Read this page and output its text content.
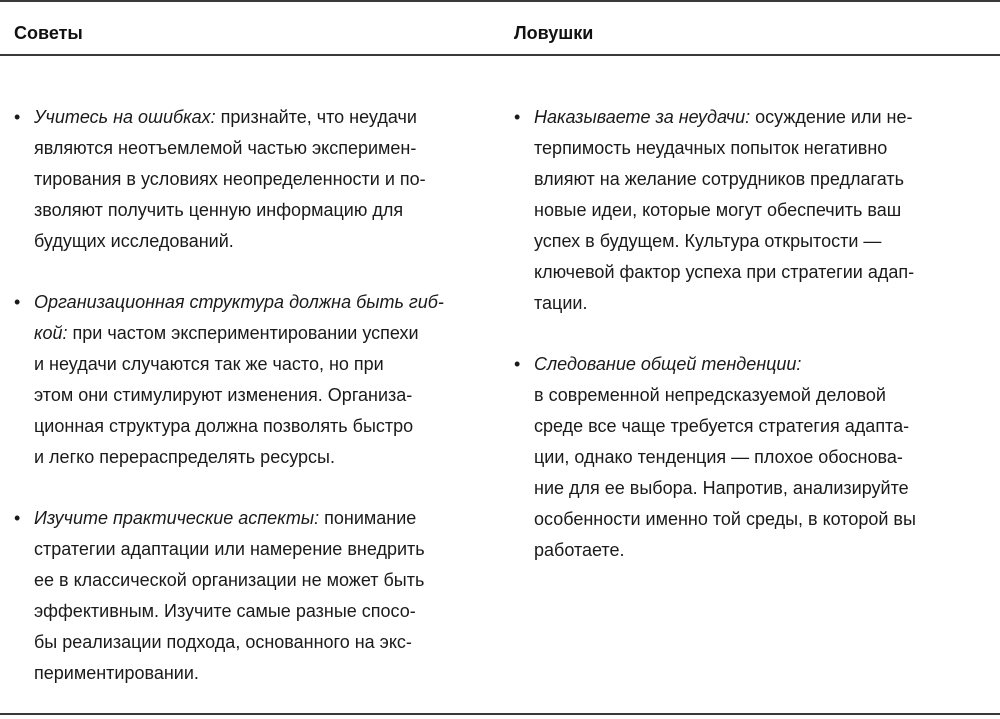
Советы	Ловушки
• Учитесь на ошибках: признайте, что неудачи
являются неотъемлемой частью эксперимен-
тирования в условиях неопределенности и по-
зволяют получить ценную информацию для
будущих исследований.
• Организационная структура должна быть гиб-
кой: при частом экспериментировании успехи
и неудачи случаются так же часто, но при
этом они стимулируют изменения. Организа-
ционная структура должна позволять быстро
и легко перераспределять ресурсы.
• Изучите практические аспекты: понимание
стратегии адаптации или намерение внедрить
ее в классической организации не может быть
эффективным. Изучите самые разные спосо-
бы реализации подхода, основанного на экс-
периментировании.
• Наказываете за неудачи: осуждение или не-
терпимость неудачных попыток негативно
влияют на желание сотрудников предлагать
новые идеи, которые могут обеспечить ваш
успех в будущем. Культура открытости —
ключевой фактор успеха при стратегии адап-
тации.
• Следование общей тенденции:
в современной непредсказуемой деловой
среде все чаще требуется стратегия адапта-
ции, однако тенденция — плохое обоснова-
ние для ее выбора. Напротив, анализируйте
особенности именно той среды, в которой вы
работаете.
